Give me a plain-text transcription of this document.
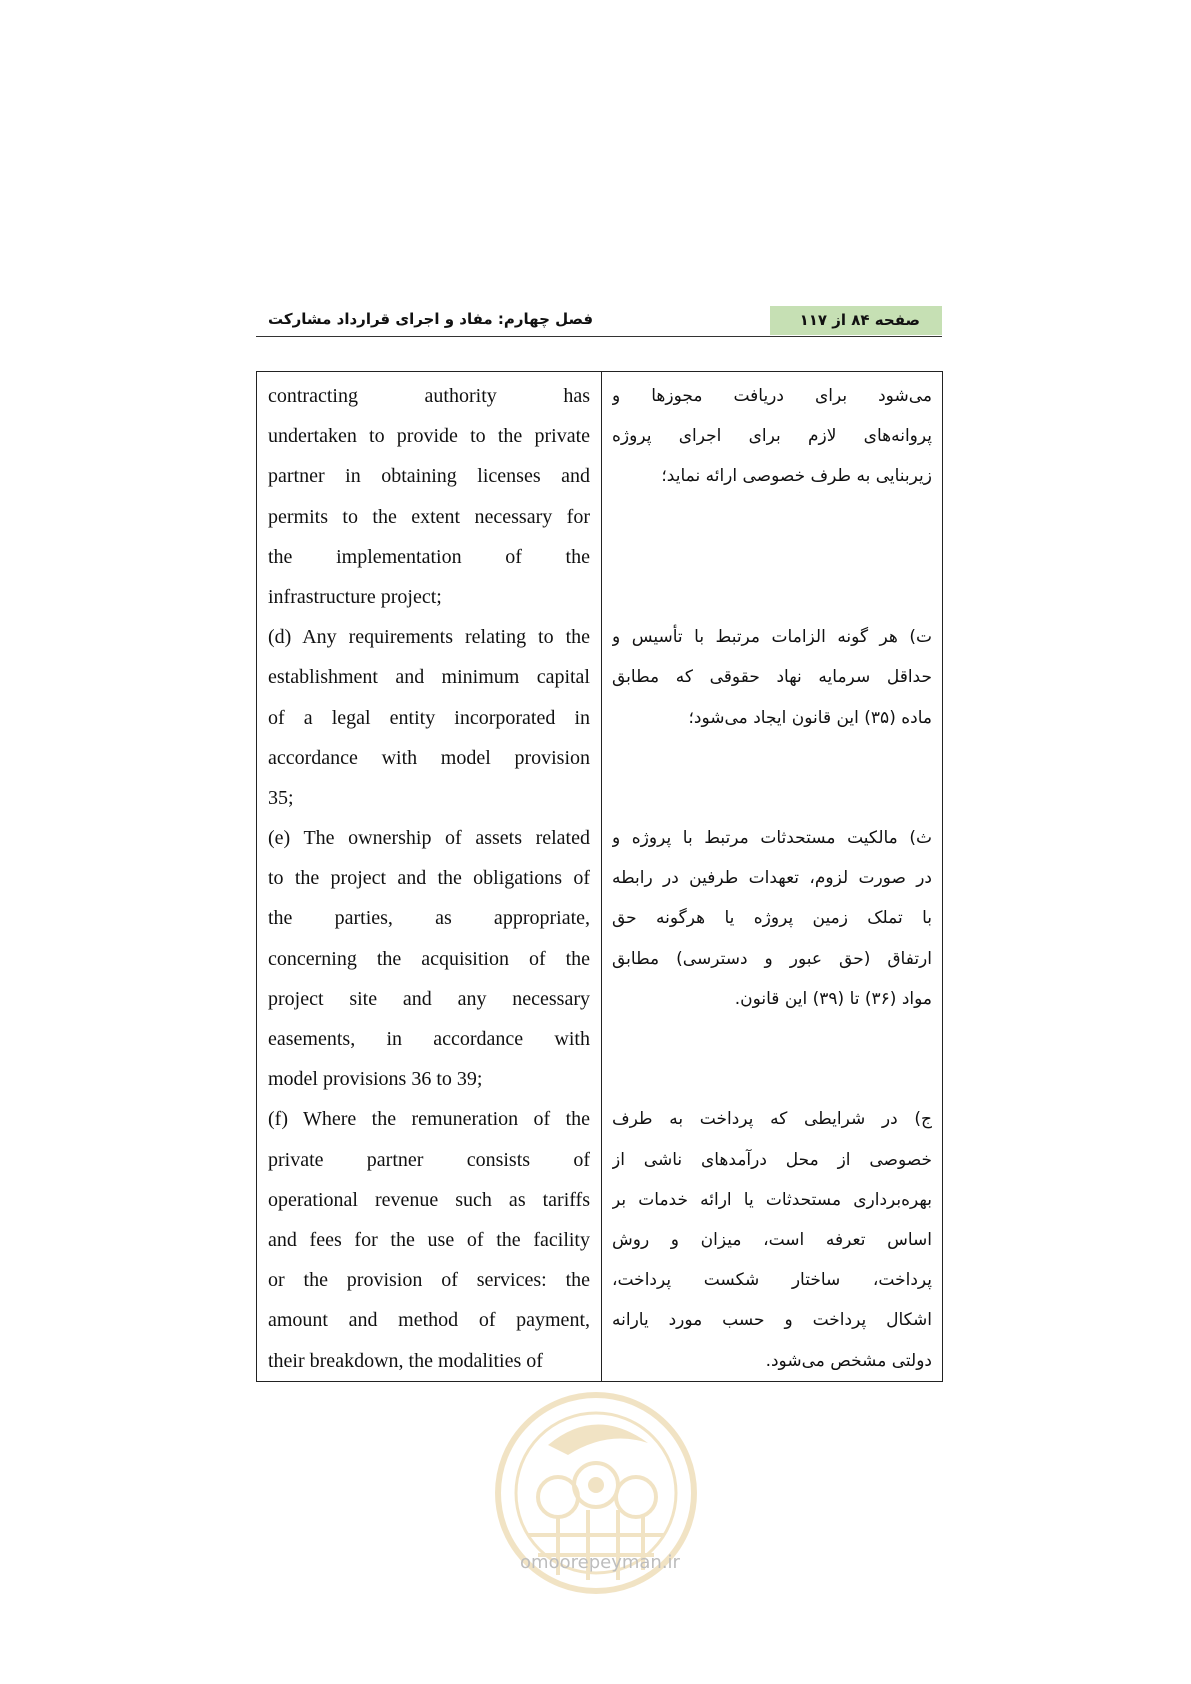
فصل چهارم: مفاد و اجرای قرارداد مشارکت	صفحه ۸۴ از ۱۱۷
contracting authority has
undertaken to provide to the private
partner in obtaining licenses and
permits to the extent necessary for
the implementation of the
infrastructure project;
(d) Any requirements relating to the
establishment and minimum capital
of a legal entity incorporated in
accordance with model provision
35;
(e) The ownership of assets related
to the project and the obligations of
the parties, as appropriate,
concerning the acquisition of the
project site and any necessary
easements, in accordance with
model provisions 36 to 39;
(f) Where the remuneration of the
private partner consists of
operational revenue such as tariffs
and fees for the use of the facility
or the provision of services: the
amount and method of payment,
their breakdown, the modalities of
می‌شود برای دریافت مجوزها و
پروانه‌های لازم برای اجرای پروژه
زیربنایی به طرف خصوصی ارائه نماید؛
ت) هر گونه الزامات مرتبط با تأسیس و
حداقل سرمایه نهاد حقوقی که مطابق
ماده (۳۵) این قانون ایجاد می‌شود؛
ث) مالکیت مستحدثات مرتبط با پروژه و
در صورت لزوم، تعهدات طرفین در رابطه
با تملک زمین پروژه یا هرگونه حق
ارتفاق (حق عبور و دسترسی) مطابق
مواد (۳۶) تا (۳۹) این قانون.
ج) در شرایطی که پرداخت به طرف
خصوصی از محل درآمدهای ناشی از
بهره‌برداری مستحدثات یا ارائه خدمات بر
اساس تعرفه است، میزان و روش
پرداخت، ساختار شکست پرداخت،
اشکال پرداخت و حسب مورد یارانه
دولتی مشخص می‌شود.
omoorepeyman.ir
